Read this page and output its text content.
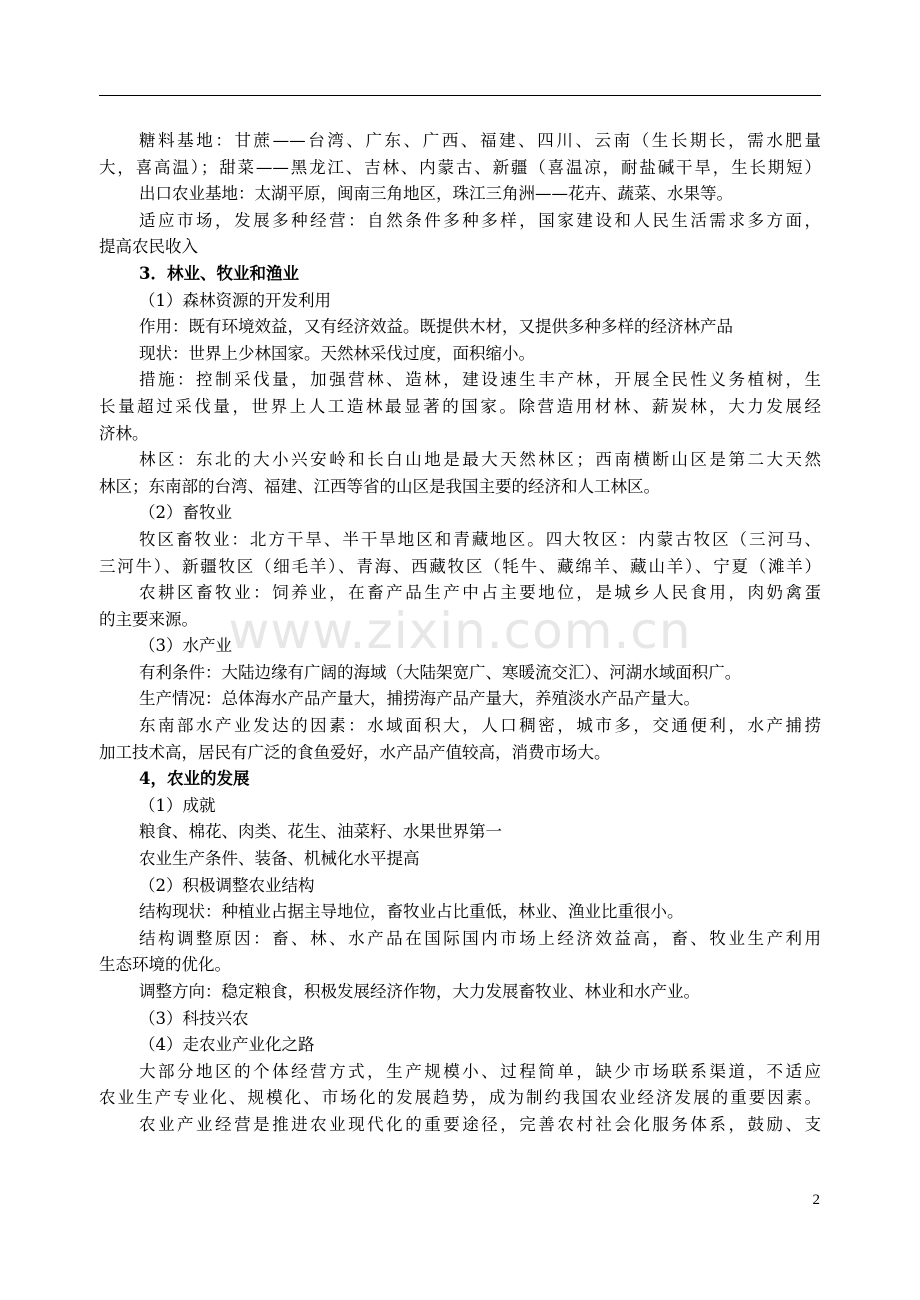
糖料基地：甘蔗——台湾、广东、广西、福建、四川、云南（生长期长，需水肥量
大，喜高温）；甜菜——黑龙江、吉林、内蒙古、新疆（喜温凉，耐盐碱干旱，生长期短）
出口农业基地：太湖平原，闽南三角地区，珠江三角洲——花卉、蔬菜、水果等。
适应市场，发展多种经营：自然条件多种多样，国家建设和人民生活需求多方面，
提高农民收入
3．林业、牧业和渔业
（1）森林资源的开发利用
作用：既有环境效益，又有经济效益。既提供木材，又提供多种多样的经济林产品
现状：世界上少林国家。天然林采伐过度，面积缩小。
措施：控制采伐量，加强营林、造林，建设速生丰产林，开展全民性义务植树，生
长量超过采伐量，世界上人工造林最显著的国家。除营造用材林、薪炭林，大力发展经
济林。
林区：东北的大小兴安岭和长白山地是最大天然林区；西南横断山区是第二大天然
林区；东南部的台湾、福建、江西等省的山区是我国主要的经济和人工林区。
（2）畜牧业
牧区畜牧业：北方干旱、半干旱地区和青藏地区。四大牧区：内蒙古牧区（三河马、
三河牛）、新疆牧区（细毛羊）、青海、西藏牧区（牦牛、藏绵羊、藏山羊）、宁夏（滩羊）
农耕区畜牧业：饲养业，在畜产品生产中占主要地位，是城乡人民食用，肉奶禽蛋
的主要来源。
（3）水产业
有利条件：大陆边缘有广阔的海域（大陆架宽广、寒暖流交汇）、河湖水域面积广。
生产情况：总体海水产品产量大，捕捞海产品产量大，养殖淡水产品产量大。
东南部水产业发达的因素：水域面积大，人口稠密，城市多，交通便利，水产捕捞
加工技术高，居民有广泛的食鱼爱好，水产品产值较高，消费市场大。
4，农业的发展
（1）成就
粮食、棉花、肉类、花生、油菜籽、水果世界第一
农业生产条件、装备、机械化水平提高
（2）积极调整农业结构
结构现状：种植业占据主导地位，畜牧业占比重低，林业、渔业比重很小。
结构调整原因：畜、林、水产品在国际国内市场上经济效益高，畜、牧业生产利用
生态环境的优化。
调整方向：稳定粮食，积极发展经济作物，大力发展畜牧业、林业和水产业。
（3）科技兴农
（4）走农业产业化之路
大部分地区的个体经营方式，生产规模小、过程简单，缺少市场联系渠道，不适应
农业生产专业化、规模化、市场化的发展趋势，成为制约我国农业经济发展的重要因素。
农业产业经营是推进农业现代化的重要途径，完善农村社会化服务体系，鼓励、支
www.zixin.com.cn
2
